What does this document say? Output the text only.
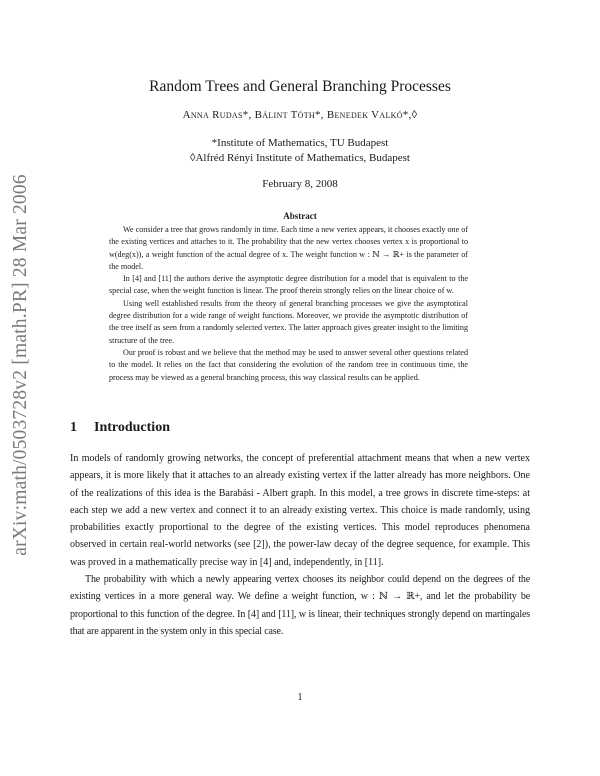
arXiv:math/0503728v2 [math.PR] 28 Mar 2006
Random Trees and General Branching Processes
Anna Rudas*, Bálint Tóth*, Benedek Valkó*,◊
*Institute of Mathematics, TU Budapest
◊Alfréd Rényi Institute of Mathematics, Budapest
February 8, 2008
Abstract

We consider a tree that grows randomly in time. Each time a new vertex appears, it chooses exactly one of the existing vertices and attaches to it. The probability that the new vertex chooses vertex x is proportional to w(deg(x)), a weight function of the actual degree of x. The weight function w : ℕ → ℝ+ is the parameter of the model.

In [4] and [11] the authors derive the asymptotic degree distribution for a model that is equivalent to the special case, when the weight function is linear. The proof therein strongly relies on the linear choice of w.

Using well established results from the theory of general branching processes we give the asymptotical degree distribution for a wide range of weight functions. Moreover, we provide the asymptotic distribution of the tree itself as seen from a randomly selected vertex. The latter approach gives greater insight to the limiting structure of the tree.

Our proof is robust and we believe that the method may be used to answer several other questions related to the model. It relies on the fact that considering the evolution of the random tree in continuous time, the process may be viewed as a general branching process, this way classical results can be applied.

1 Introduction

In models of randomly growing networks, the concept of preferential attachment means that when a new vertex appears, it is more likely that it attaches to an already existing vertex if the latter already has more neighbors. One of the realizations of this idea is the Barabási - Albert graph. In this model, a tree grows in discrete time-steps: at each step we add a new vertex and connect it to an already existing vertex. This choice is made randomly, using probabilities exactly proportional to the degree of the existing vertices. This model reproduces phenomena observed in certain real-world networks (see [2]), the power-law decay of the degree sequence, for example. This was proved in a mathematically precise way in [4] and, independently, in [11].

The probability with which a newly appearing vertex chooses its neighbor could depend on the degrees of the existing vertices in a more general way. We define a weight function, w : ℕ → ℝ+, and let the probability be proportional to this function of the degree. In [4] and [11], w is linear, their techniques strongly depend on martingales that are apparent in the system only in this special case.

1
